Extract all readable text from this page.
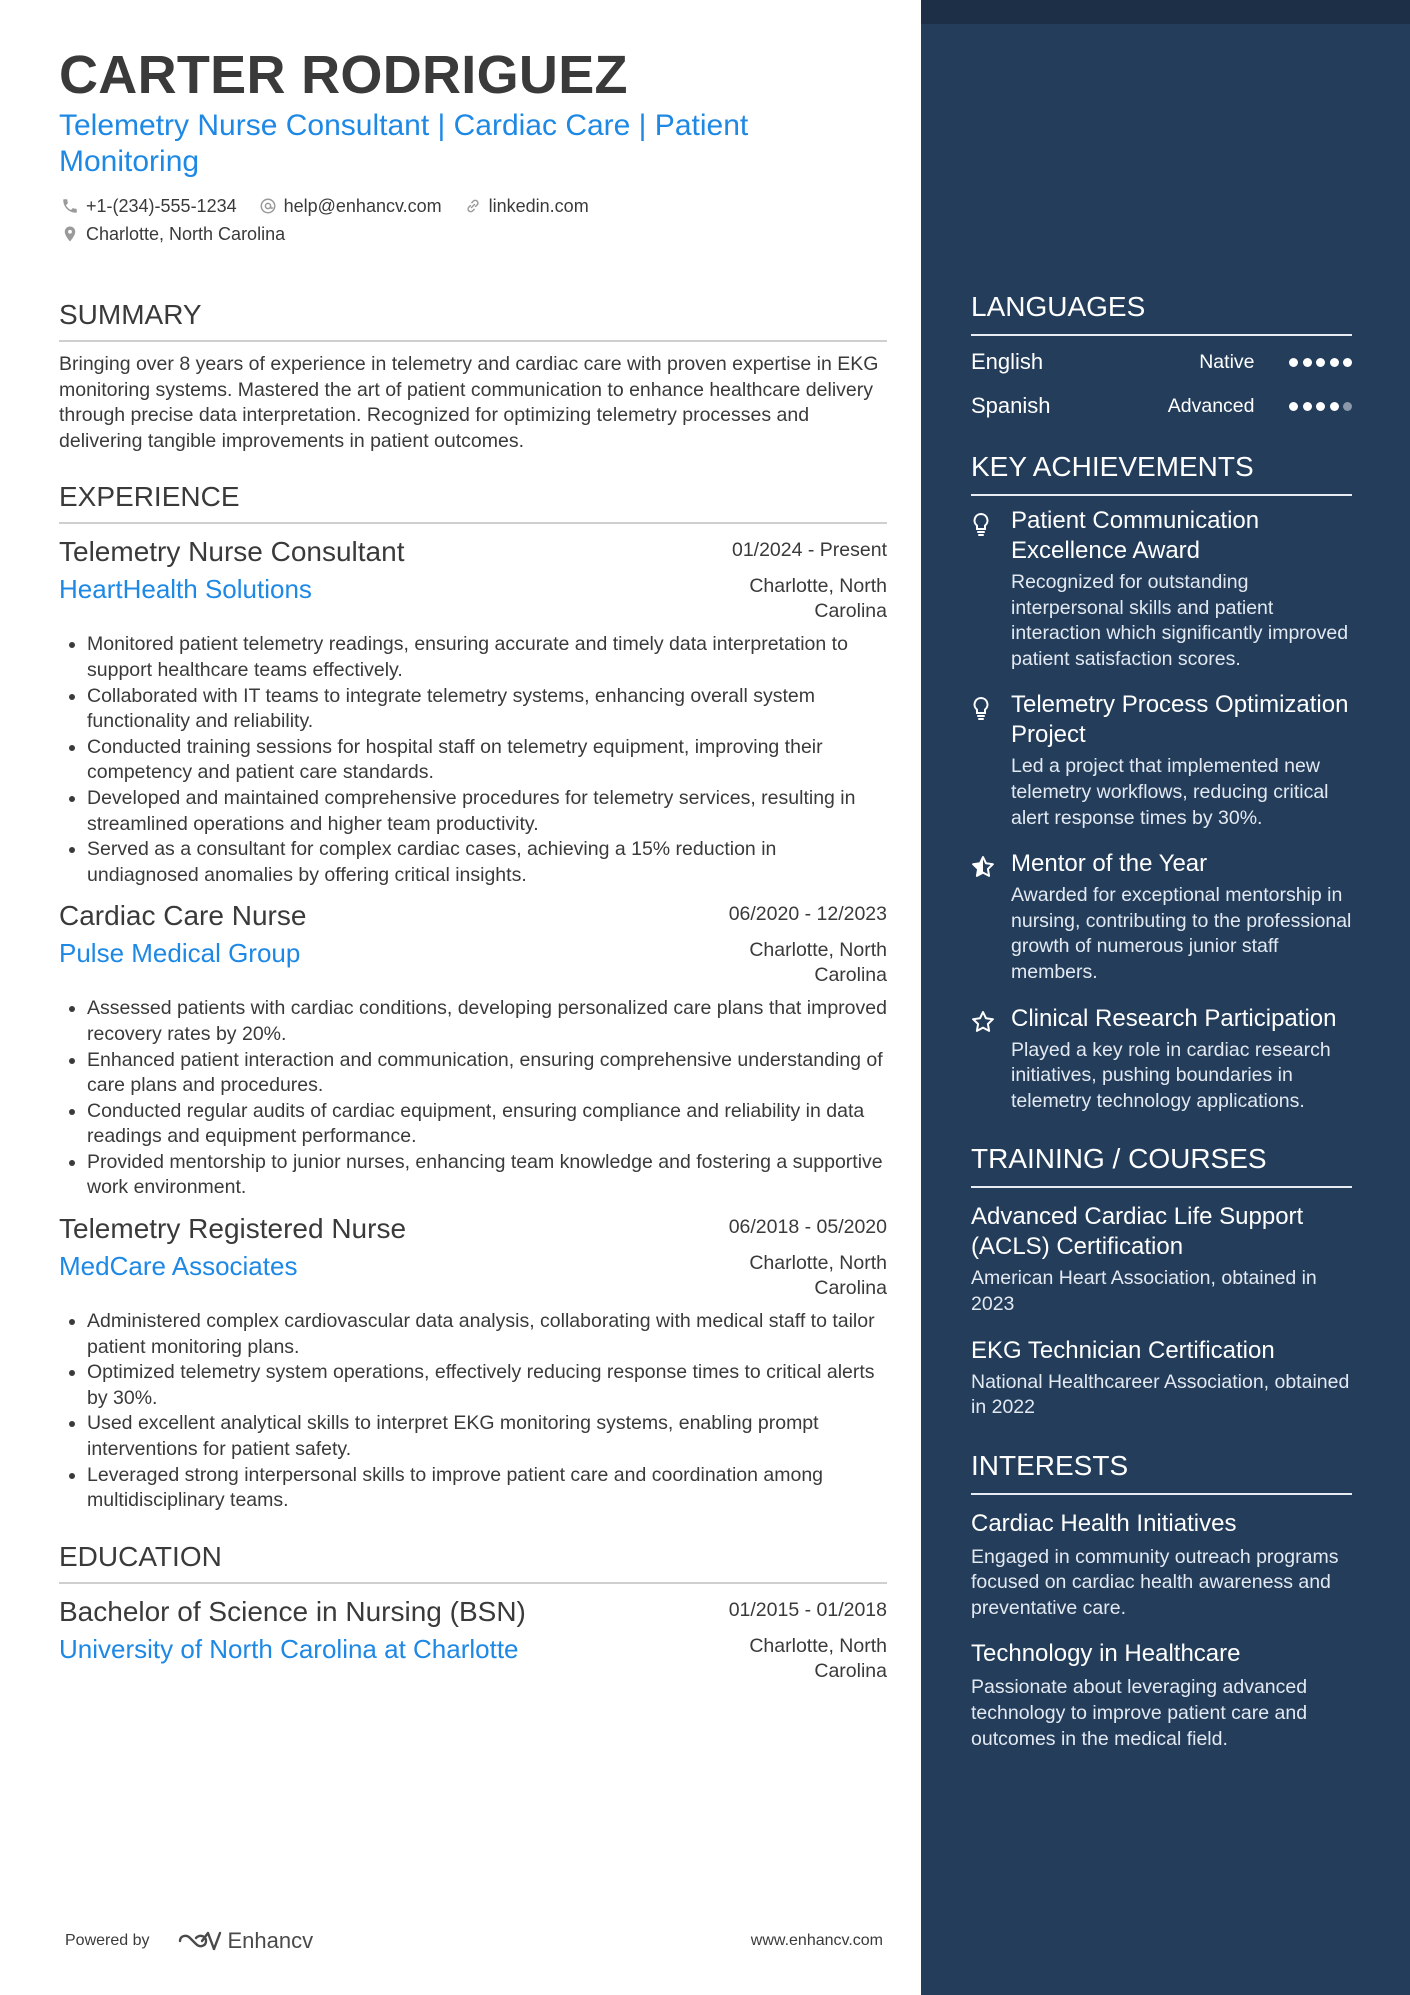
CARTER RODRIGUEZ
Telemetry Nurse Consultant | Cardiac Care | Patient Monitoring
+1-(234)-555-1234	help@enhancv.com	linkedin.com
Charlotte, North Carolina
SUMMARY
Bringing over 8 years of experience in telemetry and cardiac care with proven expertise in EKG monitoring systems. Mastered the art of patient communication to enhance healthcare delivery through precise data interpretation. Recognized for optimizing telemetry processes and delivering tangible improvements in patient outcomes.
EXPERIENCE
Telemetry Nurse Consultant	01/2024 - Present
HeartHealth Solutions	Charlotte, North Carolina
• Monitored patient telemetry readings, ensuring accurate and timely data interpretation to support healthcare teams effectively.
• Collaborated with IT teams to integrate telemetry systems, enhancing overall system functionality and reliability.
• Conducted training sessions for hospital staff on telemetry equipment, improving their competency and patient care standards.
• Developed and maintained comprehensive procedures for telemetry services, resulting in streamlined operations and higher team productivity.
• Served as a consultant for complex cardiac cases, achieving a 15% reduction in undiagnosed anomalies by offering critical insights.
Cardiac Care Nurse	06/2020 - 12/2023
Pulse Medical Group	Charlotte, North Carolina
• Assessed patients with cardiac conditions, developing personalized care plans that improved recovery rates by 20%.
• Enhanced patient interaction and communication, ensuring comprehensive understanding of care plans and procedures.
• Conducted regular audits of cardiac equipment, ensuring compliance and reliability in data readings and equipment performance.
• Provided mentorship to junior nurses, enhancing team knowledge and fostering a supportive work environment.
Telemetry Registered Nurse	06/2018 - 05/2020
MedCare Associates	Charlotte, North Carolina
• Administered complex cardiovascular data analysis, collaborating with medical staff to tailor patient monitoring plans.
• Optimized telemetry system operations, effectively reducing response times to critical alerts by 30%.
• Used excellent analytical skills to interpret EKG monitoring systems, enabling prompt interventions for patient safety.
• Leveraged strong interpersonal skills to improve patient care and coordination among multidisciplinary teams.
EDUCATION
Bachelor of Science in Nursing (BSN)	01/2015 - 01/2018
University of North Carolina at Charlotte	Charlotte, North Carolina
Powered by	Enhancv	www.enhancv.com
LANGUAGES
English	Native
Spanish	Advanced
KEY ACHIEVEMENTS
Patient Communication Excellence Award
Recognized for outstanding interpersonal skills and patient interaction which significantly improved patient satisfaction scores.
Telemetry Process Optimization Project
Led a project that implemented new telemetry workflows, reducing critical alert response times by 30%.
Mentor of the Year
Awarded for exceptional mentorship in nursing, contributing to the professional growth of numerous junior staff members.
Clinical Research Participation
Played a key role in cardiac research initiatives, pushing boundaries in telemetry technology applications.
TRAINING / COURSES
Advanced Cardiac Life Support (ACLS) Certification
American Heart Association, obtained in 2023
EKG Technician Certification
National Healthcareer Association, obtained in 2022
INTERESTS
Cardiac Health Initiatives
Engaged in community outreach programs focused on cardiac health awareness and preventative care.
Technology in Healthcare
Passionate about leveraging advanced technology to improve patient care and outcomes in the medical field.
